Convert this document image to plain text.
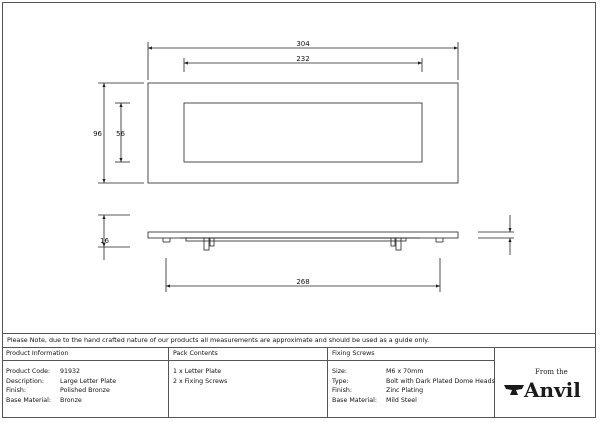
304
232
96 56
16
268
Please Note, due to the hand crafted nature of our products all measurements are approximate and should be used as a guide only.
Product Information
Product Code: 91932
Description:	Large Letter Plate
Finish:	Polished Bronze
Base Material: Bronze
Pack Contents
1 x Letter Plate
2 x Fixing Screws
Fixing Screws
Size:	M6 x 70mm
Type:	Bolt with Dark Plated Dome Heads
Finish:	Zinc Plating
Base Material: Mild Steel
From the
Anvil
